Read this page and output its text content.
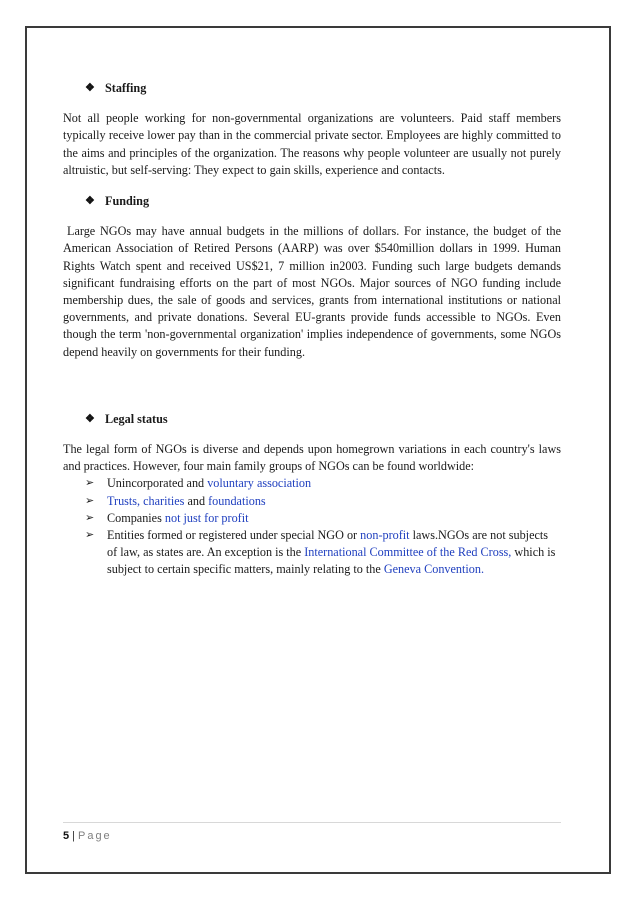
❖ Staffing

Not all people working for non-governmental organizations are volunteers. Paid staff members typically receive lower pay than in the commercial private sector. Employees are highly committed to the aims and principles of the organization. The reasons why people volunteer are usually not purely altruistic, but self-serving: They expect to gain skills, experience and contacts.

❖ Funding

Large NGOs may have annual budgets in the millions of dollars. For instance, the budget of the American Association of Retired Persons (AARP) was over $540million dollars in 1999. Human Rights Watch spent and received US$21, 7 million in2003. Funding such large budgets demands significant fundraising efforts on the part of most NGOs. Major sources of NGO funding include membership dues, the sale of goods and services, grants from international institutions or national governments, and private donations. Several EU-grants provide funds accessible to NGOs. Even though the term 'non-governmental organization' implies independence of governments, some NGOs depend heavily on governments for their funding.

❖ Legal status

The legal form of NGOs is diverse and depends upon homegrown variations in each country's laws and practices. However, four main family groups of NGOs can be found worldwide:

➢ Unincorporated and voluntary association
➢ Trusts, charities and foundations
➢ Companies not just for profit
➢ Entities formed or registered under special NGO or non-profit laws.NGOs are not subjects of law, as states are. An exception is the International Committee of the Red Cross, which is subject to certain specific matters, mainly relating to the Geneva Convention.
5 | Page
